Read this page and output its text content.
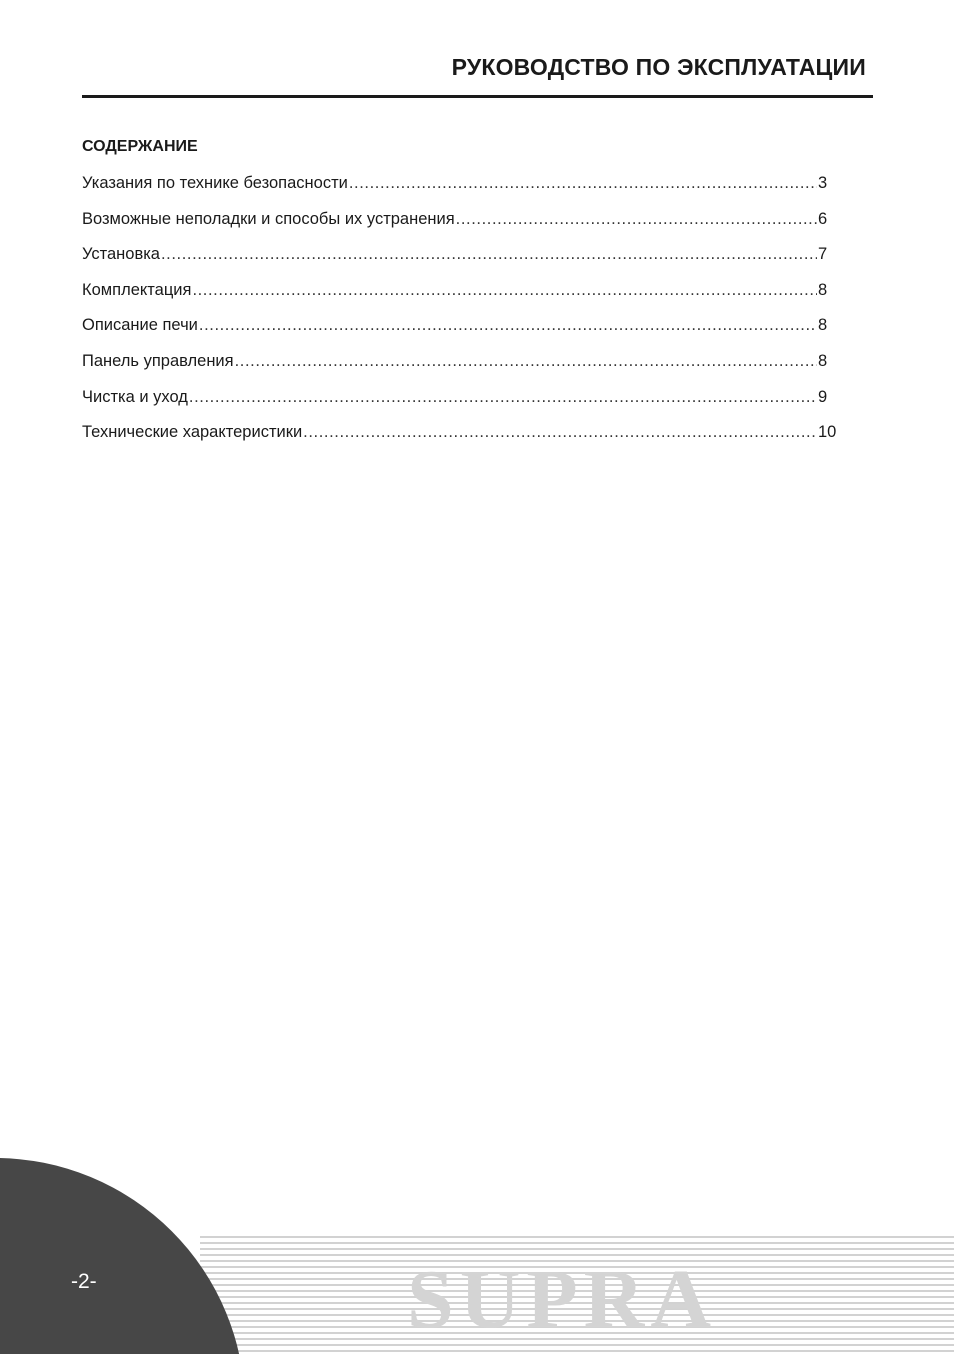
РУКОВОДСТВО ПО ЭКСПЛУАТАЦИИ
СОДЕРЖАНИЕ
Указания по технике безопасности .....	3
Возможные неполадки и способы их устранения .....	6
Установка .....	7
Комплектация .....	8
Описание печи .....	8
Панель управления .....	8
Чистка и уход .....	9
Технические характеристики .....	10
SUPRA
-2-
